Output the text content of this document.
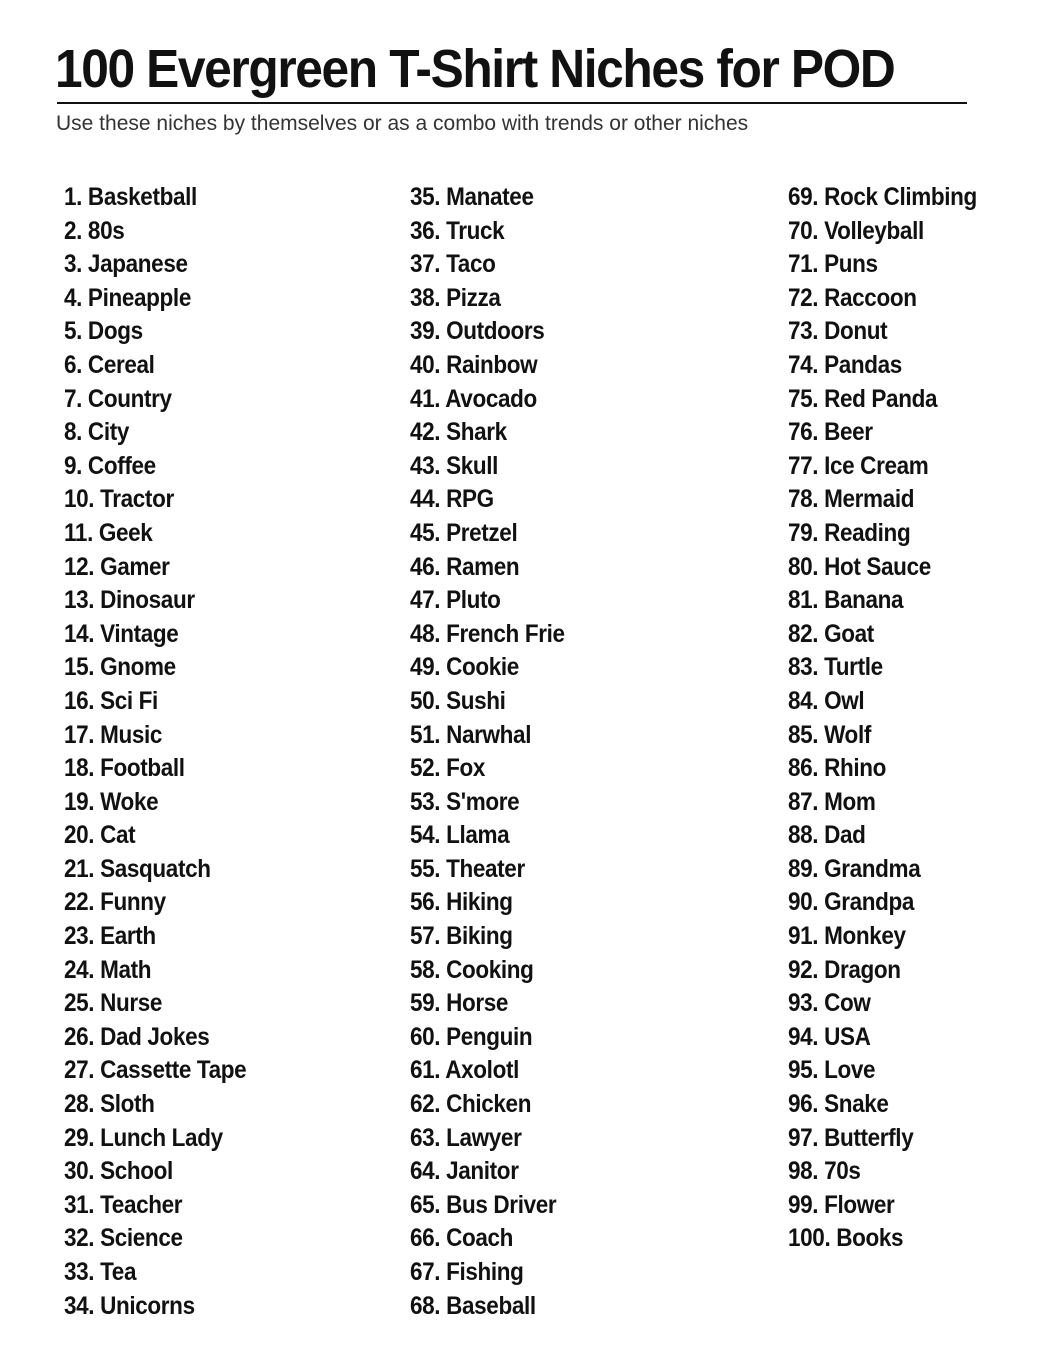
100 Evergreen T-Shirt Niches for POD

Use these niches by themselves or as a combo with trends or other niches

1. Basketball
2. 80s
3. Japanese
4. Pineapple
5. Dogs
6. Cereal
7. Country
8. City
9. Coffee
10. Tractor
11. Geek
12. Gamer
13. Dinosaur
14. Vintage
15. Gnome
16. Sci Fi
17. Music
18. Football
19. Woke
20. Cat
21. Sasquatch
22. Funny
23. Earth
24. Math
25. Nurse
26. Dad Jokes
27. Cassette Tape
28. Sloth
29. Lunch Lady
30. School
31. Teacher
32. Science
33. Tea
34. Unicorns
35. Manatee
36. Truck
37. Taco
38. Pizza
39. Outdoors
40. Rainbow
41. Avocado
42. Shark
43. Skull
44. RPG
45. Pretzel
46. Ramen
47. Pluto
48. French Frie
49. Cookie
50. Sushi
51. Narwhal
52. Fox
53. S'more
54. Llama
55. Theater
56. Hiking
57. Biking
58. Cooking
59. Horse
60. Penguin
61. Axolotl
62. Chicken
63. Lawyer
64. Janitor
65. Bus Driver
66. Coach
67. Fishing
68. Baseball
69. Rock Climbing
70. Volleyball
71. Puns
72. Raccoon
73. Donut
74. Pandas
75. Red Panda
76. Beer
77. Ice Cream
78. Mermaid
79. Reading
80. Hot Sauce
81. Banana
82. Goat
83. Turtle
84. Owl
85. Wolf
86. Rhino
87. Mom
88. Dad
89. Grandma
90. Grandpa
91. Monkey
92. Dragon
93. Cow
94. USA
95. Love
96. Snake
97. Butterfly
98. 70s
99. Flower
100. Books
